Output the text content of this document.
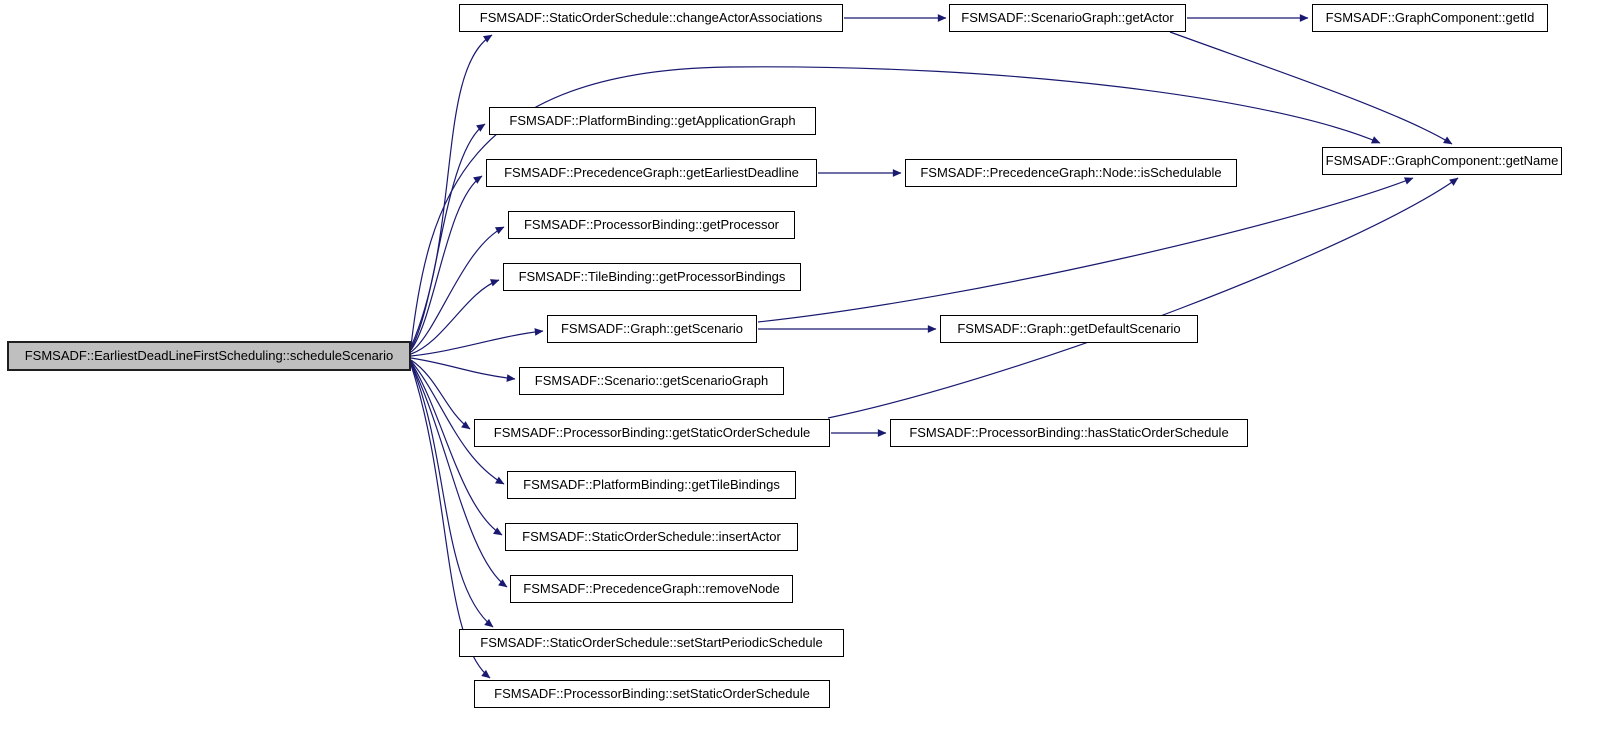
FSMSADF::EarliestDeadLineFirstScheduling::scheduleScenario
FSMSADF::StaticOrderSchedule::changeActorAssociations	FSMSADF::ScenarioGraph::getActor	FSMSADF::GraphComponent::getId
FSMSADF::GraphComponent::getName
FSMSADF::PlatformBinding::getApplicationGraph
FSMSADF::PrecedenceGraph::getEarliestDeadline	FSMSADF::PrecedenceGraph::Node::isSchedulable
FSMSADF::ProcessorBinding::getProcessor
FSMSADF::TileBinding::getProcessorBindings
FSMSADF::Graph::getScenario	FSMSADF::Graph::getDefaultScenario
FSMSADF::Scenario::getScenarioGraph
FSMSADF::ProcessorBinding::getStaticOrderSchedule	FSMSADF::ProcessorBinding::hasStaticOrderSchedule
FSMSADF::PlatformBinding::getTileBindings
FSMSADF::StaticOrderSchedule::insertActor
FSMSADF::PrecedenceGraph::removeNode
FSMSADF::StaticOrderSchedule::setStartPeriodicSchedule
FSMSADF::ProcessorBinding::setStaticOrderSchedule
